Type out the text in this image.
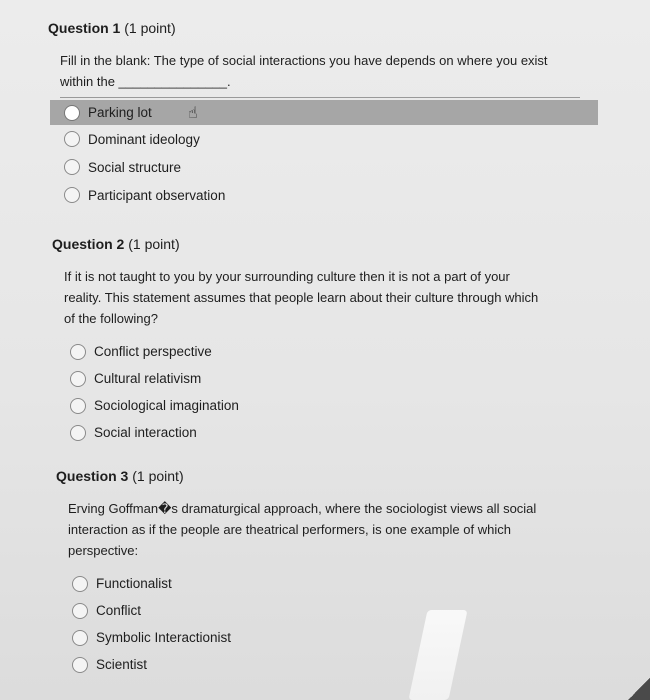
Question 1 (1 point)
Fill in the blank: The type of social interactions you have depends on where you exist
within the _______________.
Parking lot ☝
Dominant ideology
Social structure
Participant observation
Question 2 (1 point)
If it is not taught to you by your surrounding culture then it is not a part of your
reality. This statement assumes that people learn about their culture through which
of the following?
Conflict perspective
Cultural relativism
Sociological imagination
Social interaction
Question 3 (1 point)
Erving Goffman�s dramaturgical approach, where the sociologist views all social
interaction as if the people are theatrical performers, is one example of which
perspective:
Functionalist
Conflict
Symbolic Interactionist
Scientist
